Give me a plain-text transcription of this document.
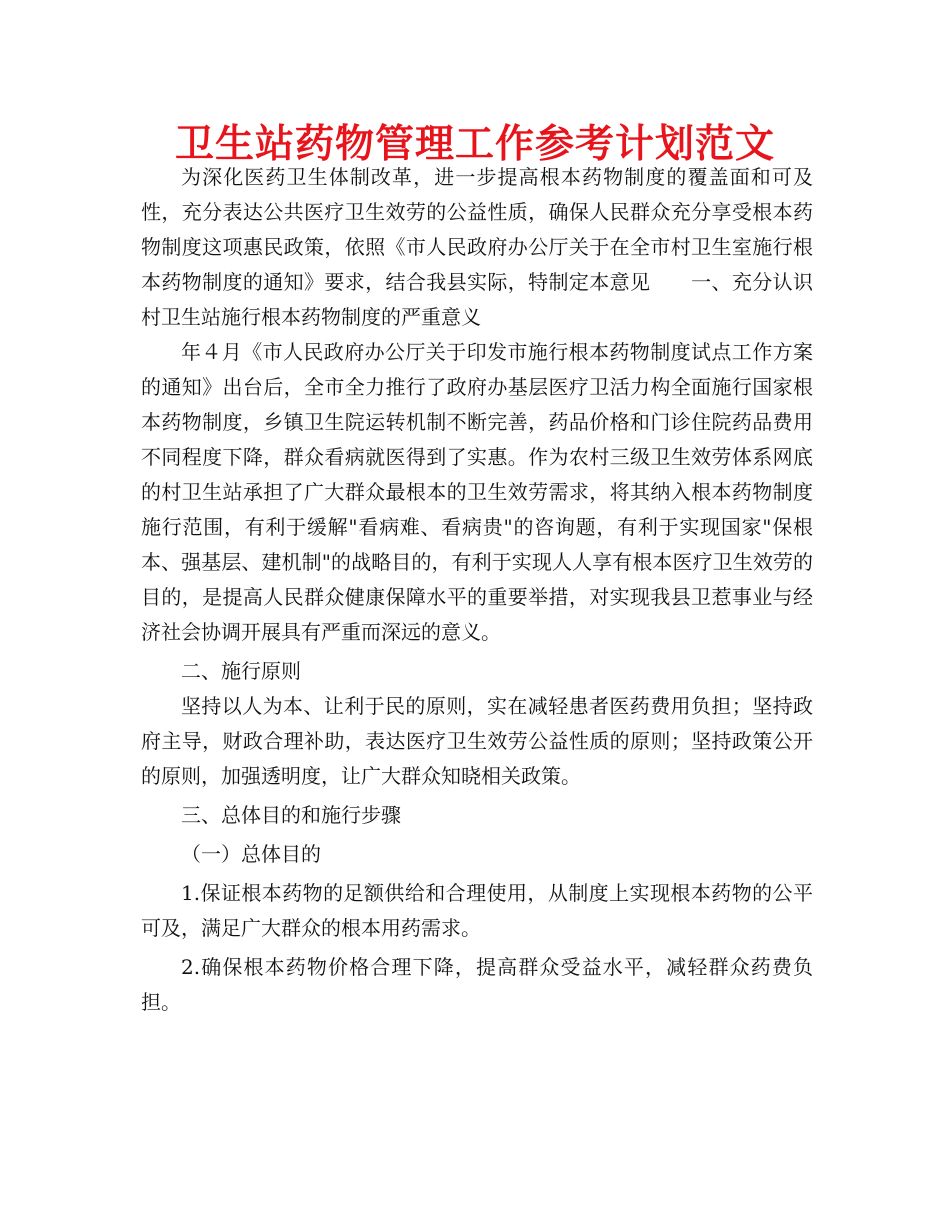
卫生站药物管理工作参考计划范文

为深化医药卫生体制改革，进一步提高根本药物制度的覆盖面和可及性，充分表达公共医疗卫生效劳的公益性质，确保人民群众充分享受根本药物制度这项惠民政策，依照《市人民政府办公厅关于在全市村卫生室施行根本药物制度的通知》要求，结合我县实际，特制定本意见　　一、充分认识村卫生站施行根本药物制度的严重意义

年４月《市人民政府办公厅关于印发市施行根本药物制度试点工作方案的通知》出台后，全市全力推行了政府办基层医疗卫活力构全面施行国家根本药物制度，乡镇卫生院运转机制不断完善，药品价格和门诊住院药品费用不同程度下降，群众看病就医得到了实惠。作为农村三级卫生效劳体系网底的村卫生站承担了广大群众最根本的卫生效劳需求，将其纳入根本药物制度施行范围，有利于缓解"看病难、看病贵"的咨询题，有利于实现国家"保根本、强基层、建机制"的战略目的，有利于实现人人享有根本医疗卫生效劳的目的，是提高人民群众健康保障水平的重要举措，对实现我县卫惹事业与经济社会协调开展具有严重而深远的意义。

二、施行原则

坚持以人为本、让利于民的原则，实在减轻患者医药费用负担；坚持政府主导，财政合理补助，表达医疗卫生效劳公益性质的原则；坚持政策公开的原则，加强透明度，让广大群众知晓相关政策。

三、总体目的和施行步骤

（一）总体目的

1.保证根本药物的足额供给和合理使用，从制度上实现根本药物的公平可及，满足广大群众的根本用药需求。

2.确保根本药物价格合理下降，提高群众受益水平，减轻群众药费负担。
